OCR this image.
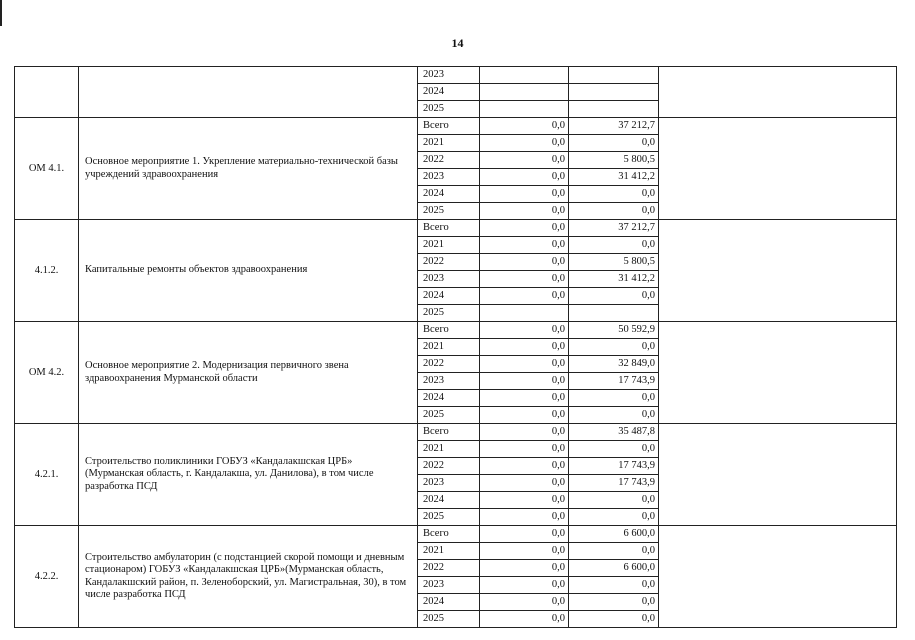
14
		2023			
		2024			
		2025			
ОМ 4.1.	Основное мероприятие 1. Укрепление материально-технической базы учреждений здравоохранения	Всего	0,0	37 212,7	
		2021	0,0	0,0	
		2022	0,0	5 800,5	
		2023	0,0	31 412,2	
		2024	0,0	0,0	
		2025	0,0	0,0	
4.1.2.	Капитальные ремонты объектов здравоохранения	Всего	0,0	37 212,7	
		2021	0,0	0,0	
		2022	0,0	5 800,5	
		2023	0,0	31 412,2	
		2024	0,0	0,0	
		2025			
ОМ 4.2.	Основное мероприятие 2. Модернизация первичного звена здравоохранения Мурманской области	Всего	0,0	50 592,9	
		2021	0,0	0,0	
		2022	0,0	32 849,0	
		2023	0,0	17 743,9	
		2024	0,0	0,0	
		2025	0,0	0,0	
4.2.1.	Строительство поликлиники ГОБУЗ «Кандалакшская ЦРБ» (Мурманская область, г. Кандалакша, ул. Данилова), в том числе разработка ПСД	Всего	0,0	35 487,8	
		2021	0,0	0,0	
		2022	0,0	17 743,9	
		2023	0,0	17 743,9	
		2024	0,0	0,0	
		2025	0,0	0,0	
4.2.2.	Строительство амбулаторин (с подстанцией скорой помощи и дневным стационаром) ГОБУЗ «Кандалакшская ЦРБ»(Мурманская область, Кандалакшский район, п. Зеленоборский, ул. Магистральная, 30), в том числе разработка ПСД	Всего	0,0	6 600,0	
		2021	0,0	0,0	
		2022	0,0	6 600,0	
		2023	0,0	0,0	
		2024	0,0	0,0	
		2025	0,0	0,0	
